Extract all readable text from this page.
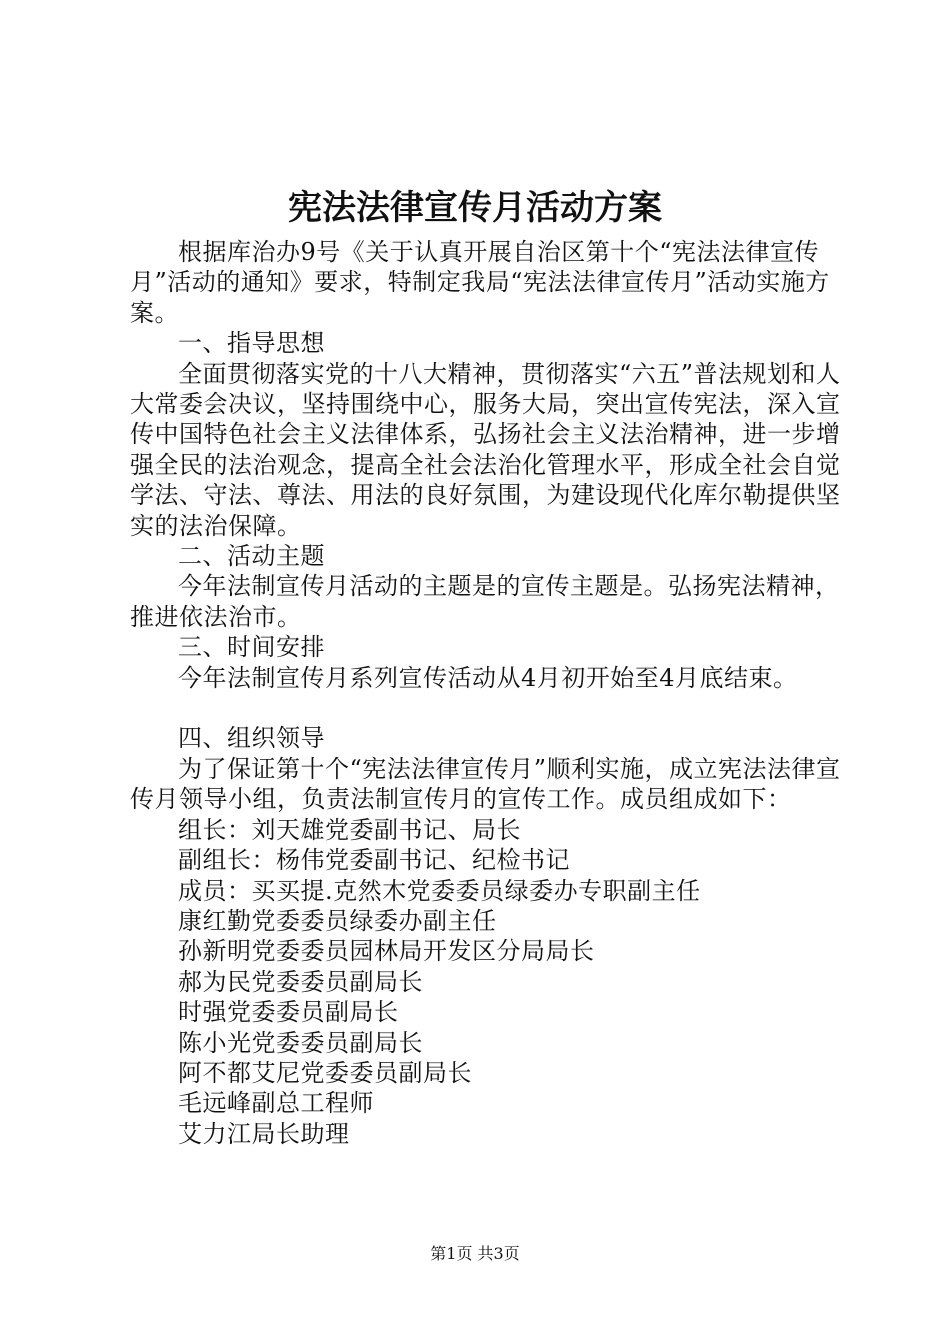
宪法法律宣传月活动方案

根据库治办9号《关于认真开展自治区第十个“宪法法律宣传月”活动的通知》要求，特制定我局“宪法法律宣传月”活动实施方案。

一、指导思想

全面贯彻落实党的十八大精神，贯彻落实“六五”普法规划和人大常委会决议，坚持围绕中心，服务大局，突出宣传宪法，深入宣传中国特色社会主义法律体系，弘扬社会主义法治精神，进一步增强全民的法治观念，提高全社会法治化管理水平，形成全社会自觉学法、守法、尊法、用法的良好氛围，为建设现代化库尔勒提供坚实的法治保障。

二、活动主题

今年法制宣传月活动的主题是的宣传主题是。弘扬宪法精神，推进依法治市。

三、时间安排

今年法制宣传月系列宣传活动从4月初开始至4月底结束。

四、组织领导

为了保证第十个“宪法法律宣传月”顺利实施，成立宪法法律宣传月领导小组，负责法制宣传月的宣传工作。成员组成如下：

组长：刘天雄党委副书记、局长

副组长：杨伟党委副书记、纪检书记

成员：买买提.克然木党委委员绿委办专职副主任

康红勤党委委员绿委办副主任

孙新明党委委员园林局开发区分局局长

郝为民党委委员副局长

时强党委委员副局长

陈小光党委委员副局长

阿不都艾尼党委委员副局长

毛远峰副总工程师

艾力江局长助理

第1页 共3页
